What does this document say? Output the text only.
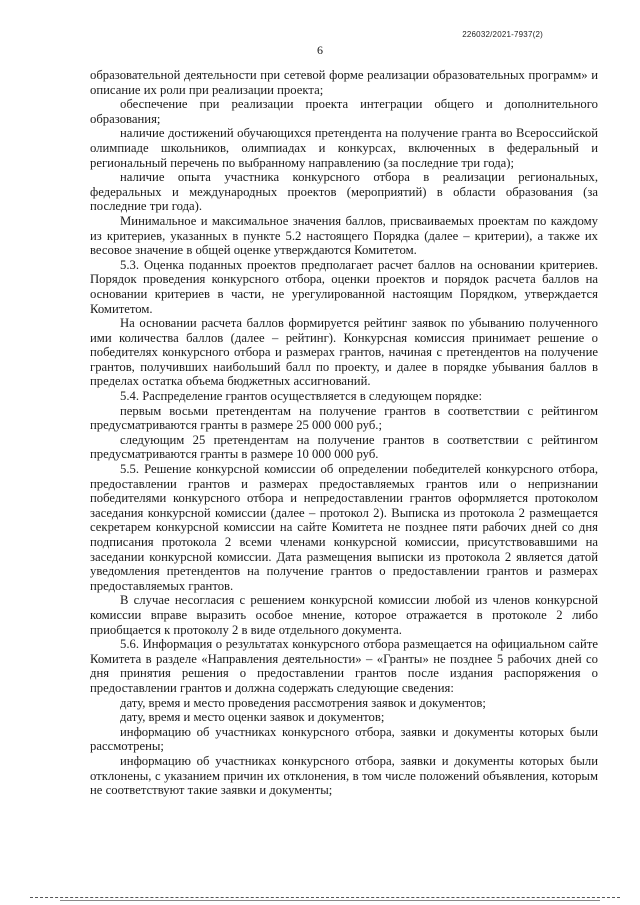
226032/2021-7937(2)
6

образовательной деятельности при сетевой форме реализации образовательных программ» и описание их роли при реализации проекта;

обеспечение при реализации проекта интеграции общего и дополнительного образования;

наличие достижений обучающихся претендента на получение гранта во Всероссийской олимпиаде школьников, олимпиадах и конкурсах, включенных в федеральный и региональный перечень по выбранному направлению (за последние три года);

наличие опыта участника конкурсного отбора в реализации региональных, федеральных и международных проектов (мероприятий) в области образования (за последние три года).

Минимальное и максимальное значения баллов, присваиваемых проектам по каждому из критериев, указанных в пункте 5.2 настоящего Порядка (далее – критерии), а также их весовое значение в общей оценке утверждаются Комитетом.

5.3. Оценка поданных проектов предполагает расчет баллов на основании критериев. Порядок проведения конкурсного отбора, оценки проектов и порядок расчета баллов на основании критериев в части, не урегулированной настоящим Порядком, утверждается Комитетом.

На основании расчета баллов формируется рейтинг заявок по убыванию полученного ими количества баллов (далее – рейтинг). Конкурсная комиссия принимает решение о победителях конкурсного отбора и размерах грантов, начиная с претендентов на получение грантов, получивших наибольший балл по проекту, и далее в порядке убывания баллов в пределах остатка объема бюджетных ассигнований.

5.4. Распределение грантов осуществляется в следующем порядке:

первым восьми претендентам на получение грантов в соответствии с рейтингом предусматриваются гранты в размере 25 000 000 руб.;

следующим 25 претендентам на получение грантов в соответствии с рейтингом предусматриваются гранты в размере 10 000 000 руб.

5.5. Решение конкурсной комиссии об определении победителей конкурсного отбора, предоставлении грантов и размерах предоставляемых грантов или о непризнании победителями конкурсного отбора и непредоставлении грантов оформляется протоколом заседания конкурсной комиссии (далее – протокол 2). Выписка из протокола 2 размещается секретарем конкурсной комиссии на сайте Комитета не позднее пяти рабочих дней со дня подписания протокола 2 всеми членами конкурсной комиссии, присутствовавшими на заседании конкурсной комиссии. Дата размещения выписки из протокола 2 является датой уведомления претендентов на получение грантов о предоставлении грантов и размерах предоставляемых грантов.

В случае несогласия с решением конкурсной комиссии любой из членов конкурсной комиссии вправе выразить особое мнение, которое отражается в протоколе 2 либо приобщается к протоколу 2 в виде отдельного документа.

5.6. Информация о результатах конкурсного отбора размещается на официальном сайте Комитета в разделе «Направления деятельности» – «Гранты» не позднее 5 рабочих дней со дня принятия решения о предоставлении грантов после издания распоряжения о предоставлении грантов и должна содержать следующие сведения:

дату, время и место проведения рассмотрения заявок и документов;

дату, время и место оценки заявок и документов;

информацию об участниках конкурсного отбора, заявки и документы которых были рассмотрены;

информацию об участниках конкурсного отбора, заявки и документы которых были отклонены, с указанием причин их отклонения, в том числе положений объявления, которым не соответствуют такие заявки и документы;
